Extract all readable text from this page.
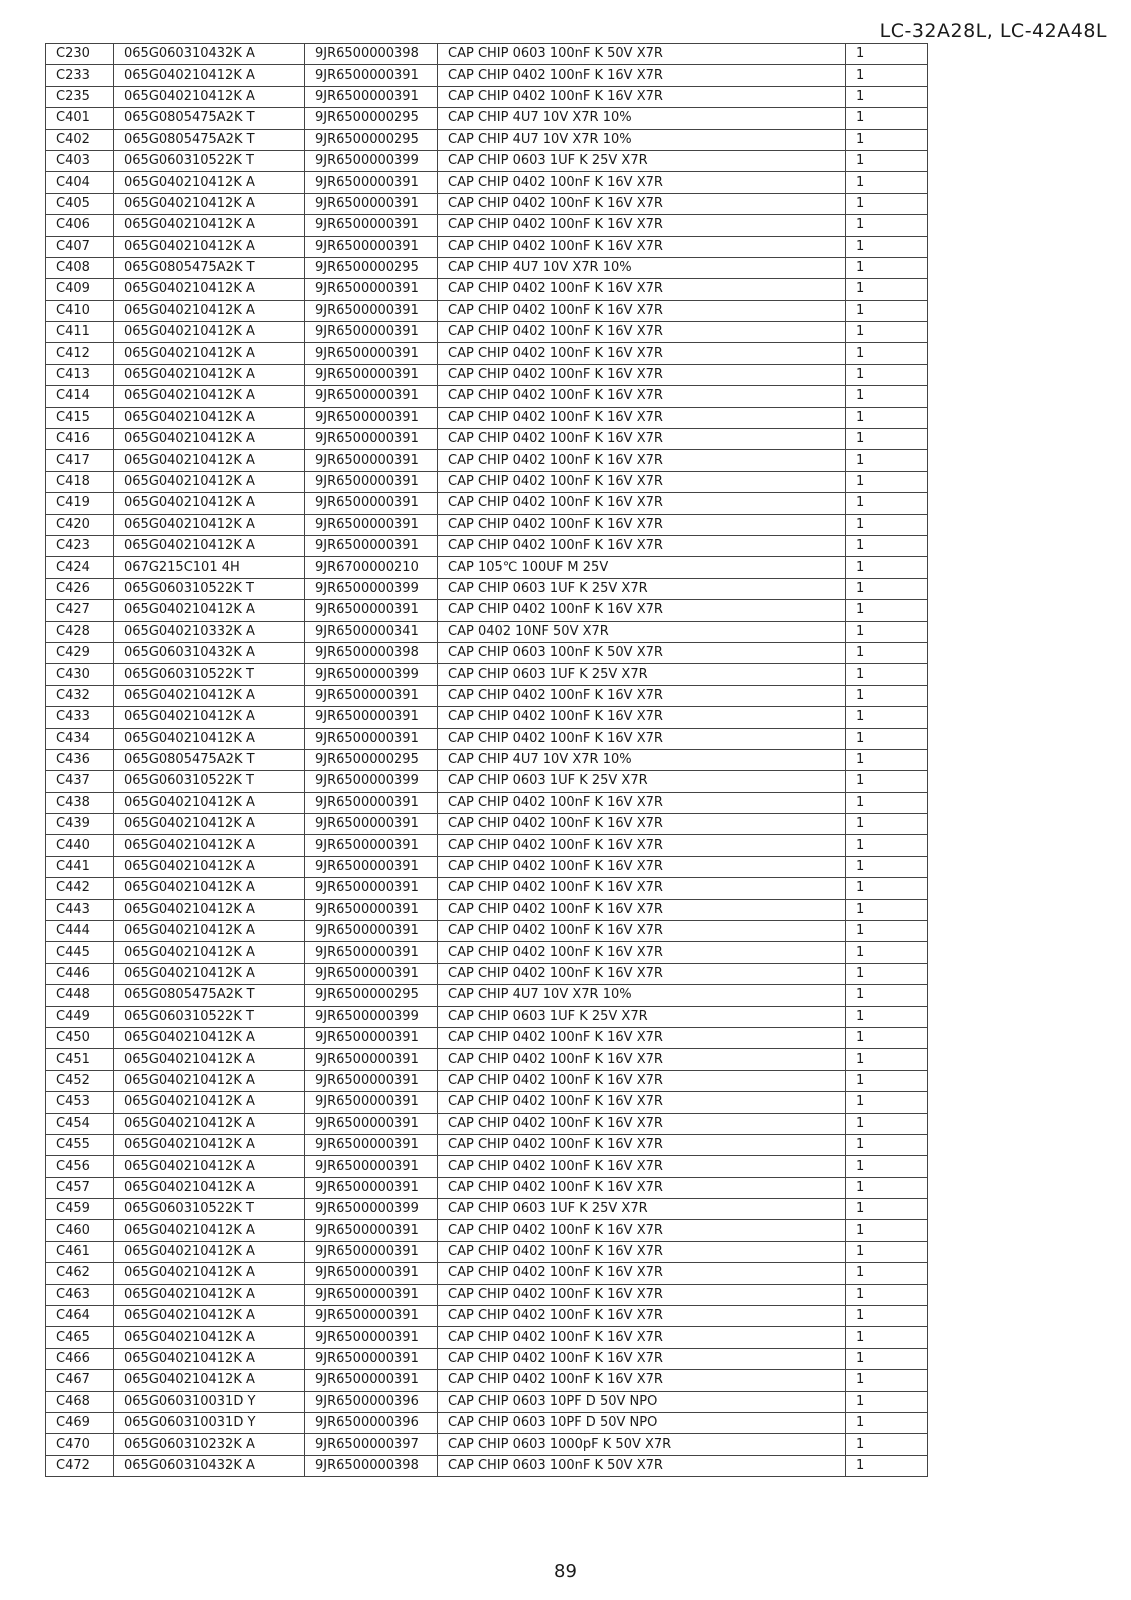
LC-32A28L, LC-42A48L
C230	065G060310432K A	9JR6500000398	CAP CHIP 0603 100nF K 50V X7R	1
C233	065G040210412K A	9JR6500000391	CAP CHIP 0402 100nF K 16V X7R	1
C235	065G040210412K A	9JR6500000391	CAP CHIP 0402 100nF K 16V X7R	1
C401	065G0805475A2K T	9JR6500000295	CAP CHIP 4U7 10V X7R 10%	1
C402	065G0805475A2K T	9JR6500000295	CAP CHIP 4U7 10V X7R 10%	1
C403	065G060310522K T	9JR6500000399	CAP CHIP 0603 1UF K 25V X7R	1
C404	065G040210412K A	9JR6500000391	CAP CHIP 0402 100nF K 16V X7R	1
C405	065G040210412K A	9JR6500000391	CAP CHIP 0402 100nF K 16V X7R	1
C406	065G040210412K A	9JR6500000391	CAP CHIP 0402 100nF K 16V X7R	1
C407	065G040210412K A	9JR6500000391	CAP CHIP 0402 100nF K 16V X7R	1
C408	065G0805475A2K T	9JR6500000295	CAP CHIP 4U7 10V X7R 10%	1
C409	065G040210412K A	9JR6500000391	CAP CHIP 0402 100nF K 16V X7R	1
C410	065G040210412K A	9JR6500000391	CAP CHIP 0402 100nF K 16V X7R	1
C411	065G040210412K A	9JR6500000391	CAP CHIP 0402 100nF K 16V X7R	1
C412	065G040210412K A	9JR6500000391	CAP CHIP 0402 100nF K 16V X7R	1
C413	065G040210412K A	9JR6500000391	CAP CHIP 0402 100nF K 16V X7R	1
C414	065G040210412K A	9JR6500000391	CAP CHIP 0402 100nF K 16V X7R	1
C415	065G040210412K A	9JR6500000391	CAP CHIP 0402 100nF K 16V X7R	1
C416	065G040210412K A	9JR6500000391	CAP CHIP 0402 100nF K 16V X7R	1
C417	065G040210412K A	9JR6500000391	CAP CHIP 0402 100nF K 16V X7R	1
C418	065G040210412K A	9JR6500000391	CAP CHIP 0402 100nF K 16V X7R	1
C419	065G040210412K A	9JR6500000391	CAP CHIP 0402 100nF K 16V X7R	1
C420	065G040210412K A	9JR6500000391	CAP CHIP 0402 100nF K 16V X7R	1
C423	065G040210412K A	9JR6500000391	CAP CHIP 0402 100nF K 16V X7R	1
C424	067G215C101 4H	9JR6700000210	CAP 105℃ 100UF M 25V	1
C426	065G060310522K T	9JR6500000399	CAP CHIP 0603 1UF K 25V X7R	1
C427	065G040210412K A	9JR6500000391	CAP CHIP 0402 100nF K 16V X7R	1
C428	065G040210332K A	9JR6500000341	CAP 0402 10NF 50V X7R	1
C429	065G060310432K A	9JR6500000398	CAP CHIP 0603 100nF K 50V X7R	1
C430	065G060310522K T	9JR6500000399	CAP CHIP 0603 1UF K 25V X7R	1
C432	065G040210412K A	9JR6500000391	CAP CHIP 0402 100nF K 16V X7R	1
C433	065G040210412K A	9JR6500000391	CAP CHIP 0402 100nF K 16V X7R	1
C434	065G040210412K A	9JR6500000391	CAP CHIP 0402 100nF K 16V X7R	1
C436	065G0805475A2K T	9JR6500000295	CAP CHIP 4U7 10V X7R 10%	1
C437	065G060310522K T	9JR6500000399	CAP CHIP 0603 1UF K 25V X7R	1
C438	065G040210412K A	9JR6500000391	CAP CHIP 0402 100nF K 16V X7R	1
C439	065G040210412K A	9JR6500000391	CAP CHIP 0402 100nF K 16V X7R	1
C440	065G040210412K A	9JR6500000391	CAP CHIP 0402 100nF K 16V X7R	1
C441	065G040210412K A	9JR6500000391	CAP CHIP 0402 100nF K 16V X7R	1
C442	065G040210412K A	9JR6500000391	CAP CHIP 0402 100nF K 16V X7R	1
C443	065G040210412K A	9JR6500000391	CAP CHIP 0402 100nF K 16V X7R	1
C444	065G040210412K A	9JR6500000391	CAP CHIP 0402 100nF K 16V X7R	1
C445	065G040210412K A	9JR6500000391	CAP CHIP 0402 100nF K 16V X7R	1
C446	065G040210412K A	9JR6500000391	CAP CHIP 0402 100nF K 16V X7R	1
C448	065G0805475A2K T	9JR6500000295	CAP CHIP 4U7 10V X7R 10%	1
C449	065G060310522K T	9JR6500000399	CAP CHIP 0603 1UF K 25V X7R	1
C450	065G040210412K A	9JR6500000391	CAP CHIP 0402 100nF K 16V X7R	1
C451	065G040210412K A	9JR6500000391	CAP CHIP 0402 100nF K 16V X7R	1
C452	065G040210412K A	9JR6500000391	CAP CHIP 0402 100nF K 16V X7R	1
C453	065G040210412K A	9JR6500000391	CAP CHIP 0402 100nF K 16V X7R	1
C454	065G040210412K A	9JR6500000391	CAP CHIP 0402 100nF K 16V X7R	1
C455	065G040210412K A	9JR6500000391	CAP CHIP 0402 100nF K 16V X7R	1
C456	065G040210412K A	9JR6500000391	CAP CHIP 0402 100nF K 16V X7R	1
C457	065G040210412K A	9JR6500000391	CAP CHIP 0402 100nF K 16V X7R	1
C459	065G060310522K T	9JR6500000399	CAP CHIP 0603 1UF K 25V X7R	1
C460	065G040210412K A	9JR6500000391	CAP CHIP 0402 100nF K 16V X7R	1
C461	065G040210412K A	9JR6500000391	CAP CHIP 0402 100nF K 16V X7R	1
C462	065G040210412K A	9JR6500000391	CAP CHIP 0402 100nF K 16V X7R	1
C463	065G040210412K A	9JR6500000391	CAP CHIP 0402 100nF K 16V X7R	1
C464	065G040210412K A	9JR6500000391	CAP CHIP 0402 100nF K 16V X7R	1
C465	065G040210412K A	9JR6500000391	CAP CHIP 0402 100nF K 16V X7R	1
C466	065G040210412K A	9JR6500000391	CAP CHIP 0402 100nF K 16V X7R	1
C467	065G040210412K A	9JR6500000391	CAP CHIP 0402 100nF K 16V X7R	1
C468	065G060310031D Y	9JR6500000396	CAP CHIP 0603 10PF D 50V NPO	1
C469	065G060310031D Y	9JR6500000396	CAP CHIP 0603 10PF D 50V NPO	1
C470	065G060310232K A	9JR6500000397	CAP CHIP 0603 1000pF K 50V X7R	1
C472	065G060310432K A	9JR6500000398	CAP CHIP 0603 100nF K 50V X7R	1
89
